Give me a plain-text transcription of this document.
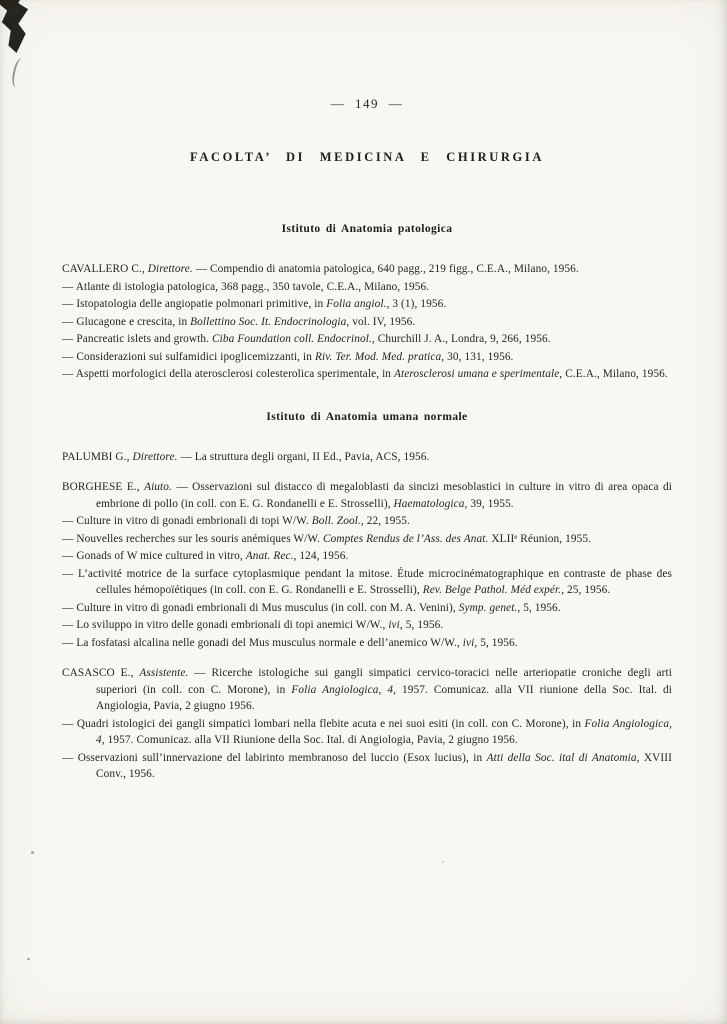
— 149 —
FACOLTA’ DI MEDICINA E CHIRURGIA
Istituto di Anatomia patologica

CAVALLERO C., Direttore. — Compendio di anatomia patologica, 640 pagg., 219 figg., C.E.A., Milano, 1956.

— Atlante di istologia patologica, 368 pagg., 350 tavole, C.E.A., Milano, 1956.

— Istopatologia delle angiopatie polmonari primitive, in Folia angiol., 3 (1), 1956.

— Glucagone e crescita, in Bollettino Soc. It. Endocrinologia, vol. IV, 1956.

— Pancreatic islets and growth. Ciba Foundation coll. Endocrinol., Churchill J. A., Londra, 9, 266, 1956.

— Considerazioni sui sulfamidici ipoglicemizzanti, in Riv. Ter. Mod. Med. pratica, 30, 131, 1956.

— Aspetti morfologici della aterosclerosi colesterolica sperimentale, in Aterosclerosi umana e sperimentale, C.E.A., Milano, 1956.

Istituto di Anatomia umana normale

PALUMBI G., Direttore. — La struttura degli organi, II Ed., Pavia, ACS, 1956.

BORGHESE E., Aiuto. — Osservazioni sul distacco di megaloblasti da sincizi mesoblastici in culture in vitro di area opaca di embrione di pollo (in coll. con E. G. Rondanelli e E. Strosselli), Haematologica, 39, 1955.

— Culture in vitro di gonadi embrionali di topi W/W. Boll. Zool., 22, 1955.

— Nouvelles recherches sur les souris anémiques W/W. Comptes Rendus de l’Ass. des Anat. XLIIᵉ Réunion, 1955.

— Gonads of W mice cultured in vitro, Anat. Rec., 124, 1956.

— L’activité motrice de la surface cytoplasmique pendant la mitose. Étude microcinématographique en contraste de phase des cellules hémopoïétiques (in coll. con E. G. Rondanelli e E. Strosselli), Rev. Belge Pathol. Méd expér., 25, 1956.

— Culture in vitro di gonadi embrionali di Mus musculus (in coll. con M. A. Venini), Symp. genet., 5, 1956.

— Lo sviluppo in vitro delle gonadi embrionali di topi anemici W/W., ivi, 5, 1956.

— La fosfatasi alcalina nelle gonadi del Mus musculus normale e dell’anemico W/W., ivi, 5, 1956.

CASASCO E., Assistente. — Ricerche istologiche sui gangli simpatici cervico-toracici nelle arteriopatie croniche degli arti superiori (in coll. con C. Morone), in Folia Angiologica, 4, 1957. Comunicaz. alla VII riunione della Soc. Ital. di Angiologia, Pavia, 2 giugno 1956.

— Quadri istologici dei gangli simpatici lombari nella flebite acuta e nei suoi esiti (in coll. con C. Morone), in Folia Angiologica, 4, 1957. Comunicaz. alla VII Riunione della Soc. Ital. di Angiologia, Pavia, 2 giugno 1956.

— Osservazioni sull’innervazione del labirinto membranoso del luccio (Esox lucius), in Atti della Soc. ital di Anatomia, XVIII Conv., 1956.
